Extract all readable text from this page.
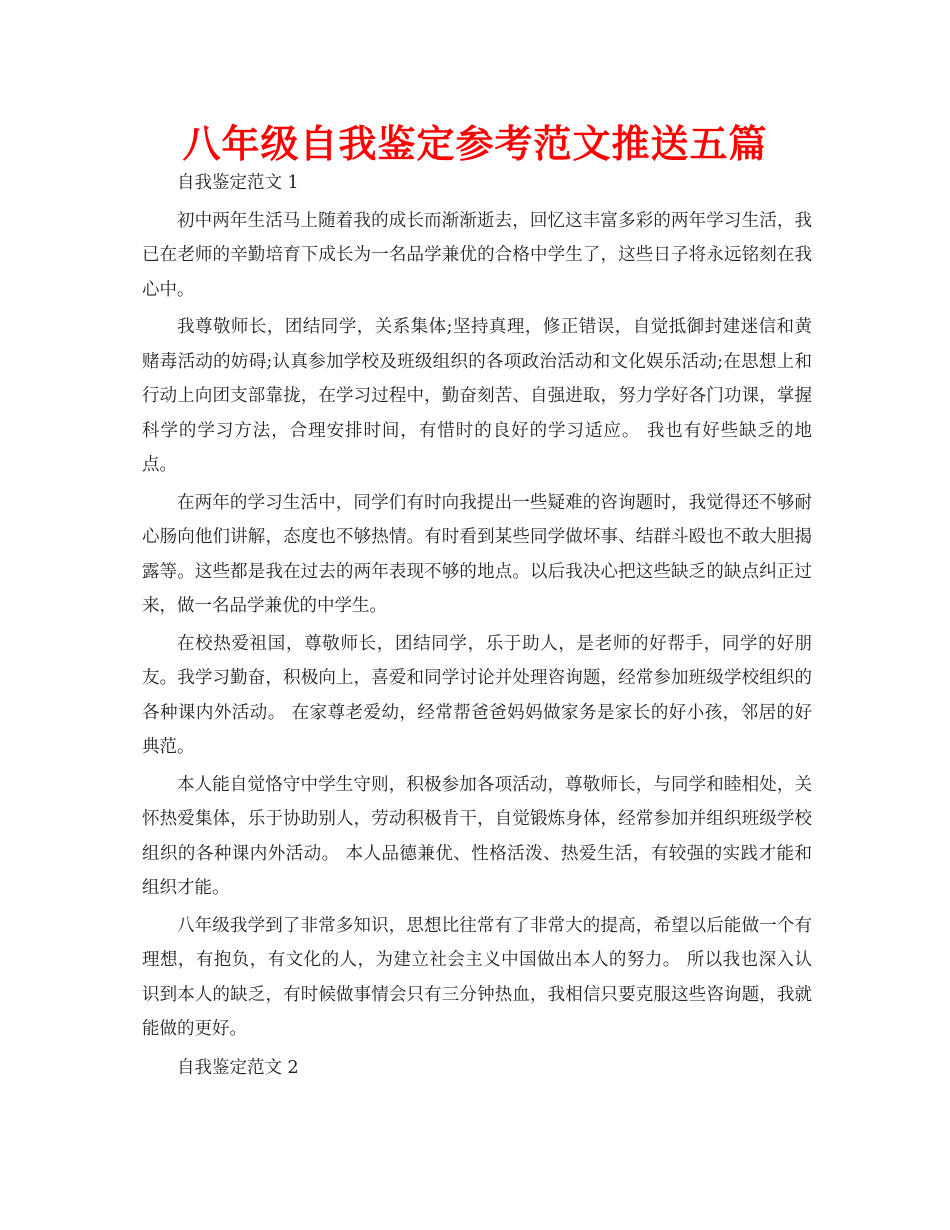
八年级自我鉴定参考范文推送五篇

自我鉴定范文 1

初中两年生活马上随着我的成长而渐渐逝去，回忆这丰富多彩的两年学习生活，我已在老师的辛勤培育下成长为一名品学兼优的合格中学生了，这些日子将永远铭刻在我心中。

我尊敬师长，团结同学，关系集体;坚持真理，修正错误，自觉抵御封建迷信和黄赌毒活动的妨碍;认真参加学校及班级组织的各项政治活动和文化娱乐活动;在思想上和行动上向团支部靠拢，在学习过程中，勤奋刻苦、自强进取，努力学好各门功课，掌握科学的学习方法，合理安排时间，有惜时的良好的学习适应。 我也有好些缺乏的地点。

在两年的学习生活中，同学们有时向我提出一些疑难的咨询题时，我觉得还不够耐心肠向他们讲解，态度也不够热情。有时看到某些同学做坏事、结群斗殴也不敢大胆揭露等。这些都是我在过去的两年表现不够的地点。以后我决心把这些缺乏的缺点纠正过来，做一名品学兼优的中学生。

在校热爱祖国，尊敬师长，团结同学，乐于助人，是老师的好帮手，同学的好朋友。我学习勤奋，积极向上，喜爱和同学讨论并处理咨询题，经常参加班级学校组织的各种课内外活动。 在家尊老爱幼，经常帮爸爸妈妈做家务是家长的好小孩，邻居的好典范。

本人能自觉恪守中学生守则，积极参加各项活动，尊敬师长，与同学和睦相处，关怀热爱集体，乐于协助别人，劳动积极肯干，自觉锻炼身体，经常参加并组织班级学校组织的各种课内外活动。 本人品德兼优、性格活泼、热爱生活，有较强的实践才能和组织才能。

八年级我学到了非常多知识，思想比往常有了非常大的提高，希望以后能做一个有理想，有抱负，有文化的人，为建立社会主义中国做出本人的努力。 所以我也深入认识到本人的缺乏，有时候做事情会只有三分钟热血，我相信只要克服这些咨询题，我就能做的更好。

自我鉴定范文 2
